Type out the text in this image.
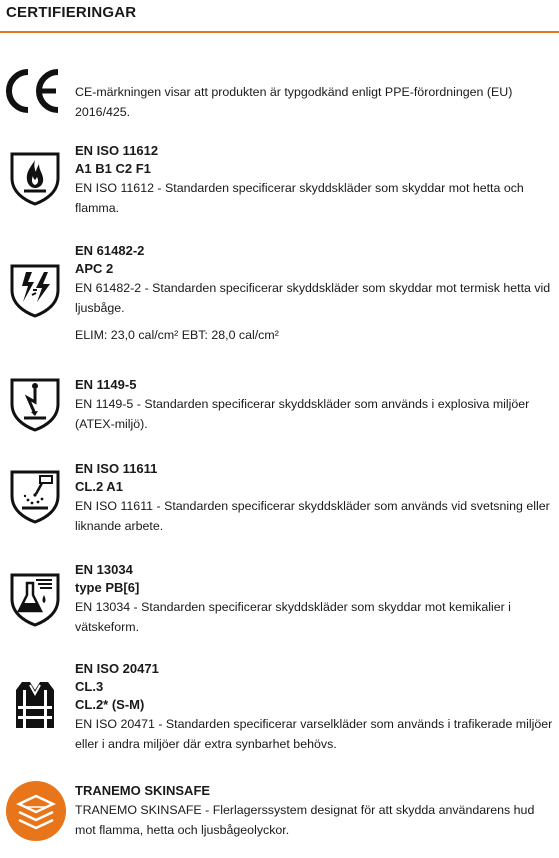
CERTIFIERINGAR
CE-märkningen visar att produkten är typgodkänd enligt PPE-förordningen (EU) 2016/425.
EN ISO 11612
A1 B1 C2 F1
EN ISO 11612 - Standarden specificerar skyddskläder som skyddar mot hetta och flamma.
EN 61482-2
APC 2
EN 61482-2 - Standarden specificerar skyddskläder som skyddar mot termisk hetta vid ljusbåge.
ELIM: 23,0 cal/cm² EBT: 28,0 cal/cm²
EN 1149-5
EN 1149-5 - Standarden specificerar skyddskläder som används i explosiva miljöer (ATEX-miljö).
EN ISO 11611
CL.2 A1
EN ISO 11611 - Standarden specificerar skyddskläder som används vid svetsning eller liknande arbete.
EN 13034
type PB[6]
EN 13034 - Standarden specificerar skyddskläder som skyddar mot kemikalier i vätskeform.
EN ISO 20471
CL.3
CL.2* (S-M)
EN ISO 20471 - Standarden specificerar varselkläder som används i trafikerade miljöer eller i andra miljöer där extra synbarhet behövs.
TRANEMO SKINSAFE
TRANEMO SKINSAFE - Flerlagerssystem designat för att skydda användarens hud mot flamma, hetta och ljusbågeolyckor.
